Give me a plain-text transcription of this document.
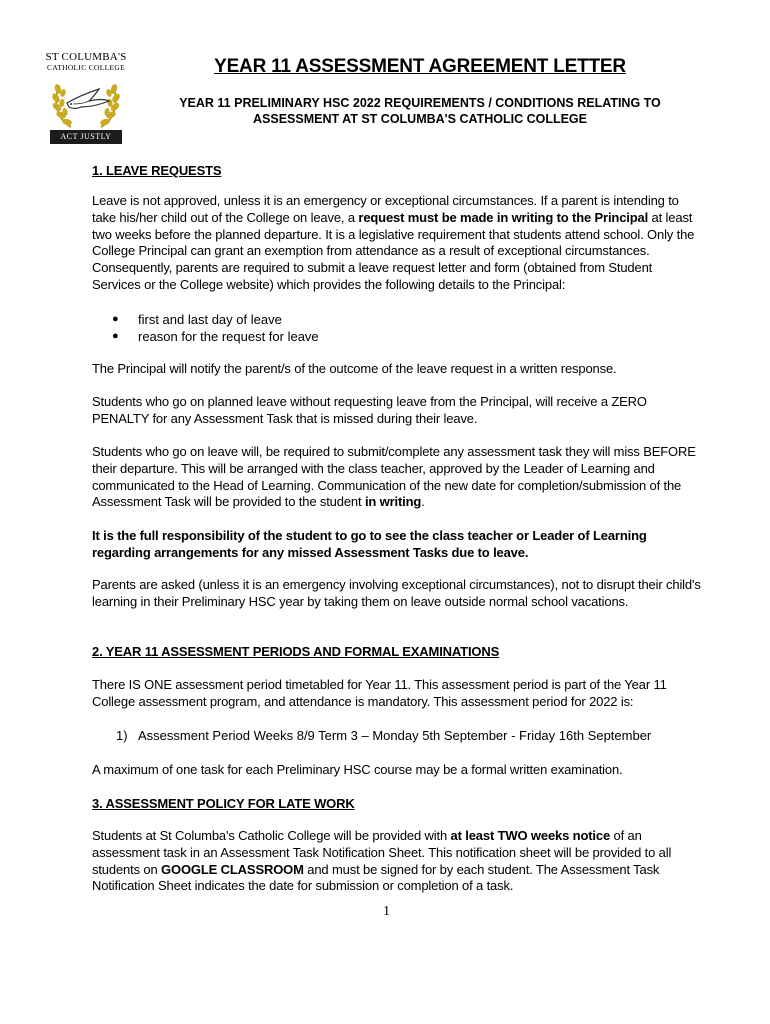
ST COLUMBA'S
CATHOLIC COLLEGE
ACT JUSTLY
YEAR 11 ASSESSMENT AGREEMENT LETTER
YEAR 11 PRELIMINARY HSC 2022 REQUIREMENTS / CONDITIONS RELATING TO
ASSESSMENT AT ST COLUMBA'S CATHOLIC COLLEGE
1. LEAVE REQUESTS
Leave is not approved, unless it is an emergency or exceptional circumstances. If a parent is intending to take his/her child out of the College on leave, a request must be made in writing to the Principal at least two weeks before the planned departure. It is a legislative requirement that students attend school. Only the College Principal can grant an exemption from attendance as a result of exceptional circumstances. Consequently, parents are required to submit a leave request letter and form (obtained from Student Services or the College website) which provides the following details to the Principal:
● first and last day of leave
● reason for the request for leave
The Principal will notify the parent/s of the outcome of the leave request in a written response.
Students who go on planned leave without requesting leave from the Principal, will receive a ZERO PENALTY for any Assessment Task that is missed during their leave.
Students who go on leave will, be required to submit/complete any assessment task they will miss BEFORE their departure. This will be arranged with the class teacher, approved by the Leader of Learning and communicated to the Head of Learning. Communication of the new date for completion/submission of the Assessment Task will be provided to the student in writing.
It is the full responsibility of the student to go to see the class teacher or Leader of Learning regarding arrangements for any missed Assessment Tasks due to leave.
Parents are asked (unless it is an emergency involving exceptional circumstances), not to disrupt their child's learning in their Preliminary HSC year by taking them on leave outside normal school vacations.
2. YEAR 11 ASSESSMENT PERIODS AND FORMAL EXAMINATIONS
There IS ONE assessment period timetabled for Year 11. This assessment period is part of the Year 11 College assessment program, and attendance is mandatory. This assessment period for 2022 is:
1) Assessment Period Weeks 8/9 Term 3 – Monday 5th September - Friday 16th September
A maximum of one task for each Preliminary HSC course may be a formal written examination.
3. ASSESSMENT POLICY FOR LATE WORK
Students at St Columba's Catholic College will be provided with at least TWO weeks notice of an assessment task in an Assessment Task Notification Sheet. This notification sheet will be provided to all students on GOOGLE CLASSROOM and must be signed for by each student. The Assessment Task Notification Sheet indicates the date for submission or completion of a task.
1
